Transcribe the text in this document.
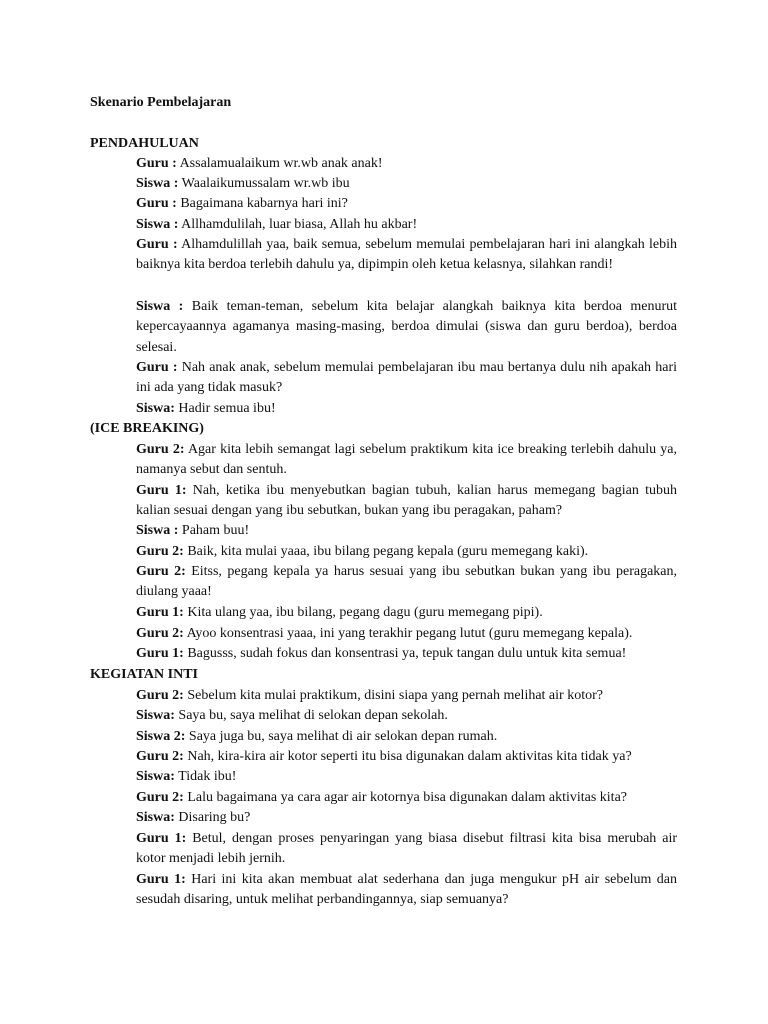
Skenario Pembelajaran
PENDAHULUAN
Guru : Assalamualaikum wr.wb anak anak!
Siswa : Waalaikumussalam wr.wb ibu
Guru : Bagaimana kabarnya hari ini?
Siswa : Allhamdulilah, luar biasa, Allah hu akbar!
Guru : Alhamdulillah yaa, baik semua, sebelum memulai pembelajaran hari ini alangkah lebih baiknya kita berdoa terlebih dahulu ya, dipimpin oleh ketua kelasnya, silahkan randi!
Siswa : Baik teman-teman, sebelum kita belajar alangkah baiknya kita berdoa menurut kepercayaannya agamanya masing-masing, berdoa dimulai (siswa dan guru berdoa), berdoa selesai.
Guru : Nah anak anak, sebelum memulai pembelajaran ibu mau bertanya dulu nih apakah hari ini ada yang tidak masuk?
Siswa: Hadir semua ibu!
(ICE BREAKING)
Guru 2: Agar kita lebih semangat lagi sebelum praktikum kita ice breaking terlebih dahulu ya, namanya sebut dan sentuh.
Guru 1: Nah, ketika ibu menyebutkan bagian tubuh, kalian harus memegang bagian tubuh kalian sesuai dengan yang ibu sebutkan, bukan yang ibu peragakan, paham?
Siswa : Paham buu!
Guru 2: Baik, kita mulai yaaa, ibu bilang pegang kepala (guru memegang kaki).
Guru 2: Eitss, pegang kepala ya harus sesuai yang ibu sebutkan bukan yang ibu peragakan, diulang yaaa!
Guru 1: Kita ulang yaa, ibu bilang, pegang dagu (guru memegang pipi).
Guru 2: Ayoo konsentrasi yaaa, ini yang terakhir pegang lutut (guru memegang kepala).
Guru 1: Bagusss, sudah fokus dan konsentrasi ya, tepuk tangan dulu untuk kita semua!
KEGIATAN INTI
Guru 2: Sebelum kita mulai praktikum, disini siapa yang pernah melihat air kotor?
Siswa: Saya bu, saya melihat di selokan depan sekolah.
Siswa 2: Saya juga bu, saya melihat di air selokan depan rumah.
Guru 2: Nah, kira-kira air kotor seperti itu bisa digunakan dalam aktivitas kita tidak ya?
Siswa: Tidak ibu!
Guru 2: Lalu bagaimana ya cara agar air kotornya bisa digunakan dalam aktivitas kita?
Siswa: Disaring bu?
Guru 1: Betul, dengan proses penyaringan yang biasa disebut filtrasi kita bisa merubah air kotor menjadi lebih jernih.
Guru 1: Hari ini kita akan membuat alat sederhana dan juga mengukur pH air sebelum dan sesudah disaring, untuk melihat perbandingannya, siap semuanya?
